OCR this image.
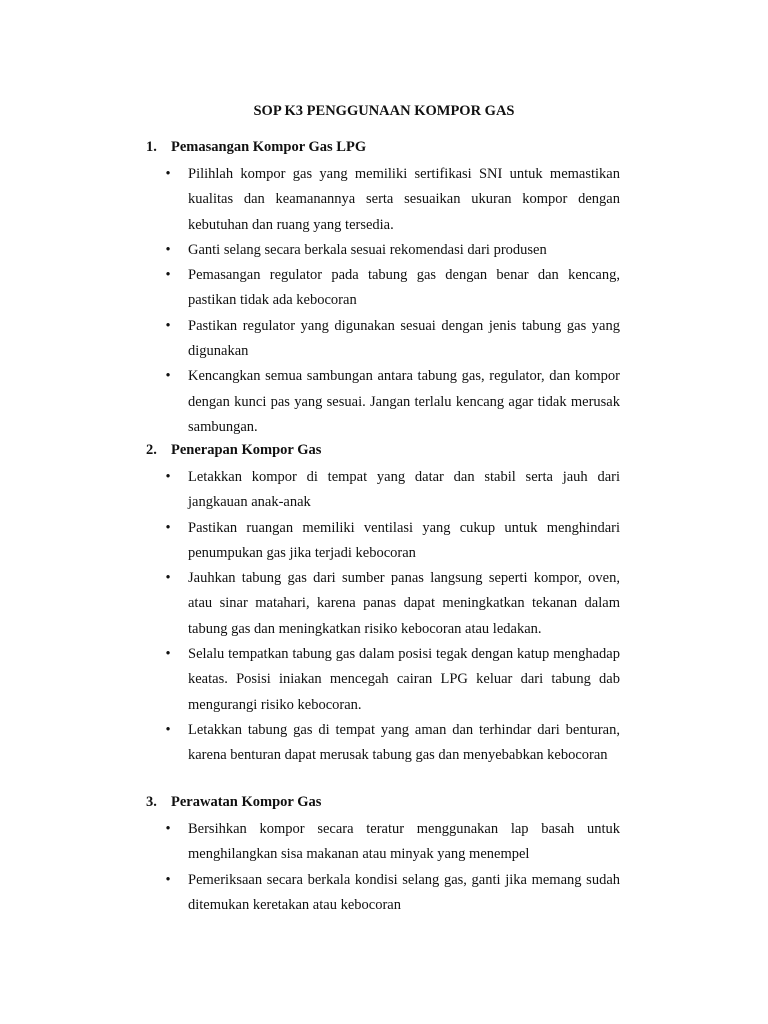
SOP K3 PENGGUNAAN KOMPOR GAS
1. Pemasangan Kompor Gas LPG
• Pilihlah kompor gas yang memiliki sertifikasi SNI untuk memastikan kualitas dan keamanannya serta sesuaikan ukuran kompor dengan kebutuhan dan ruang yang tersedia.
• Ganti selang secara berkala sesuai rekomendasi dari produsen
• Pemasangan regulator pada tabung gas dengan benar dan kencang, pastikan tidak ada kebocoran
• Pastikan regulator yang digunakan sesuai dengan jenis tabung gas yang digunakan
• Kencangkan semua sambungan antara tabung gas, regulator, dan kompor dengan kunci pas yang sesuai. Jangan terlalu kencang agar tidak merusak sambungan.
2. Penerapan Kompor Gas
• Letakkan kompor di tempat yang datar dan stabil serta jauh dari jangkauan anak-anak
• Pastikan ruangan memiliki ventilasi yang cukup untuk menghindari penumpukan gas jika terjadi kebocoran
• Jauhkan tabung gas dari sumber panas langsung seperti kompor, oven, atau sinar matahari, karena panas dapat meningkatkan tekanan dalam tabung gas dan meningkatkan risiko kebocoran atau ledakan.
• Selalu tempatkan tabung gas dalam posisi tegak dengan katup menghadap keatas. Posisi iniakan mencegah cairan LPG keluar dari tabung dab mengurangi risiko kebocoran.
• Letakkan tabung gas di tempat yang aman dan terhindar dari benturan, karena benturan dapat merusak tabung gas dan menyebabkan kebocoran
3. Perawatan Kompor Gas
• Bersihkan kompor secara teratur menggunakan lap basah untuk menghilangkan sisa makanan atau minyak yang menempel
• Pemeriksaan secara berkala kondisi selang gas, ganti jika memang sudah ditemukan keretakan atau kebocoran
